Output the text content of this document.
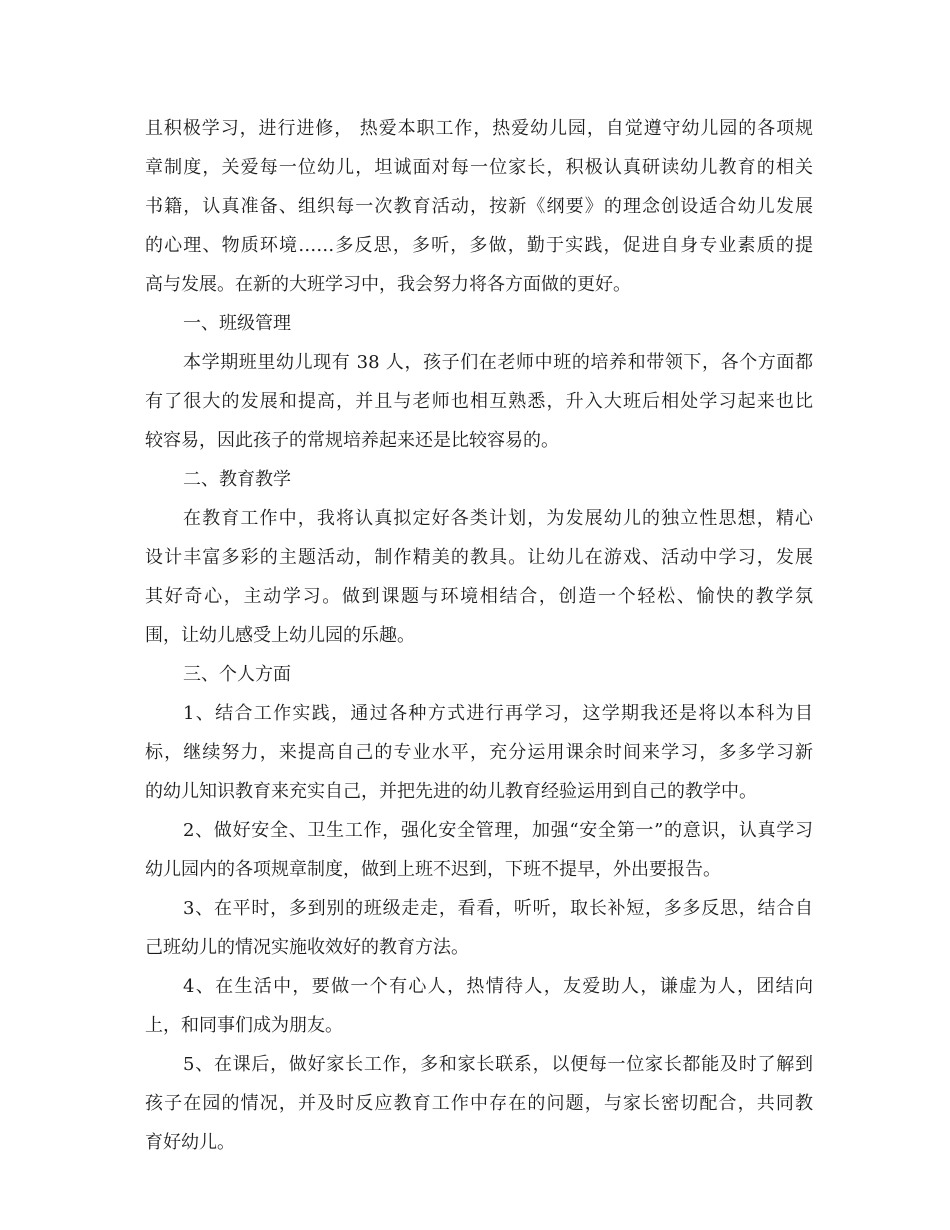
且积极学习，进行进修， 热爱本职工作，热爱幼儿园，自觉遵守幼儿园的各项规
章制度，关爱每一位幼儿，坦诚面对每一位家长，积极认真研读幼儿教育的相关
书籍，认真准备、组织每一次教育活动，按新《纲要》的理念创设适合幼儿发展
的心理、物质环境……多反思，多听，多做，勤于实践，促进自身专业素质的提
高与发展。在新的大班学习中，我会努力将各方面做的更好。
一、班级管理
本学期班里幼儿现有 38 人，孩子们在老师中班的培养和带领下，各个方面都
有了很大的发展和提高，并且与老师也相互熟悉，升入大班后相处学习起来也比
较容易，因此孩子的常规培养起来还是比较容易的。
二、教育教学
在教育工作中，我将认真拟定好各类计划，为发展幼儿的独立性思想，精心
设计丰富多彩的主题活动，制作精美的教具。让幼儿在游戏、活动中学习，发展
其好奇心，主动学习。做到课题与环境相结合，创造一个轻松、愉快的教学氛
围，让幼儿感受上幼儿园的乐趣。
三、个人方面
1、结合工作实践，通过各种方式进行再学习，这学期我还是将以本科为目
标，继续努力，来提高自己的专业水平，充分运用课余时间来学习，多多学习新
的幼儿知识教育来充实自己，并把先进的幼儿教育经验运用到自己的教学中。
2、做好安全、卫生工作，强化安全管理，加强“安全第一”的意识，认真学习
幼儿园内的各项规章制度，做到上班不迟到，下班不提早，外出要报告。
3、在平时，多到别的班级走走，看看，听听，取长补短，多多反思，结合自
己班幼儿的情况实施收效好的教育方法。
4、在生活中，要做一个有心人，热情待人，友爱助人，谦虚为人，团结向
上，和同事们成为朋友。
5、在课后，做好家长工作，多和家长联系，以便每一位家长都能及时了解到
孩子在园的情况，并及时反应教育工作中存在的问题，与家长密切配合，共同教
育好幼儿。
